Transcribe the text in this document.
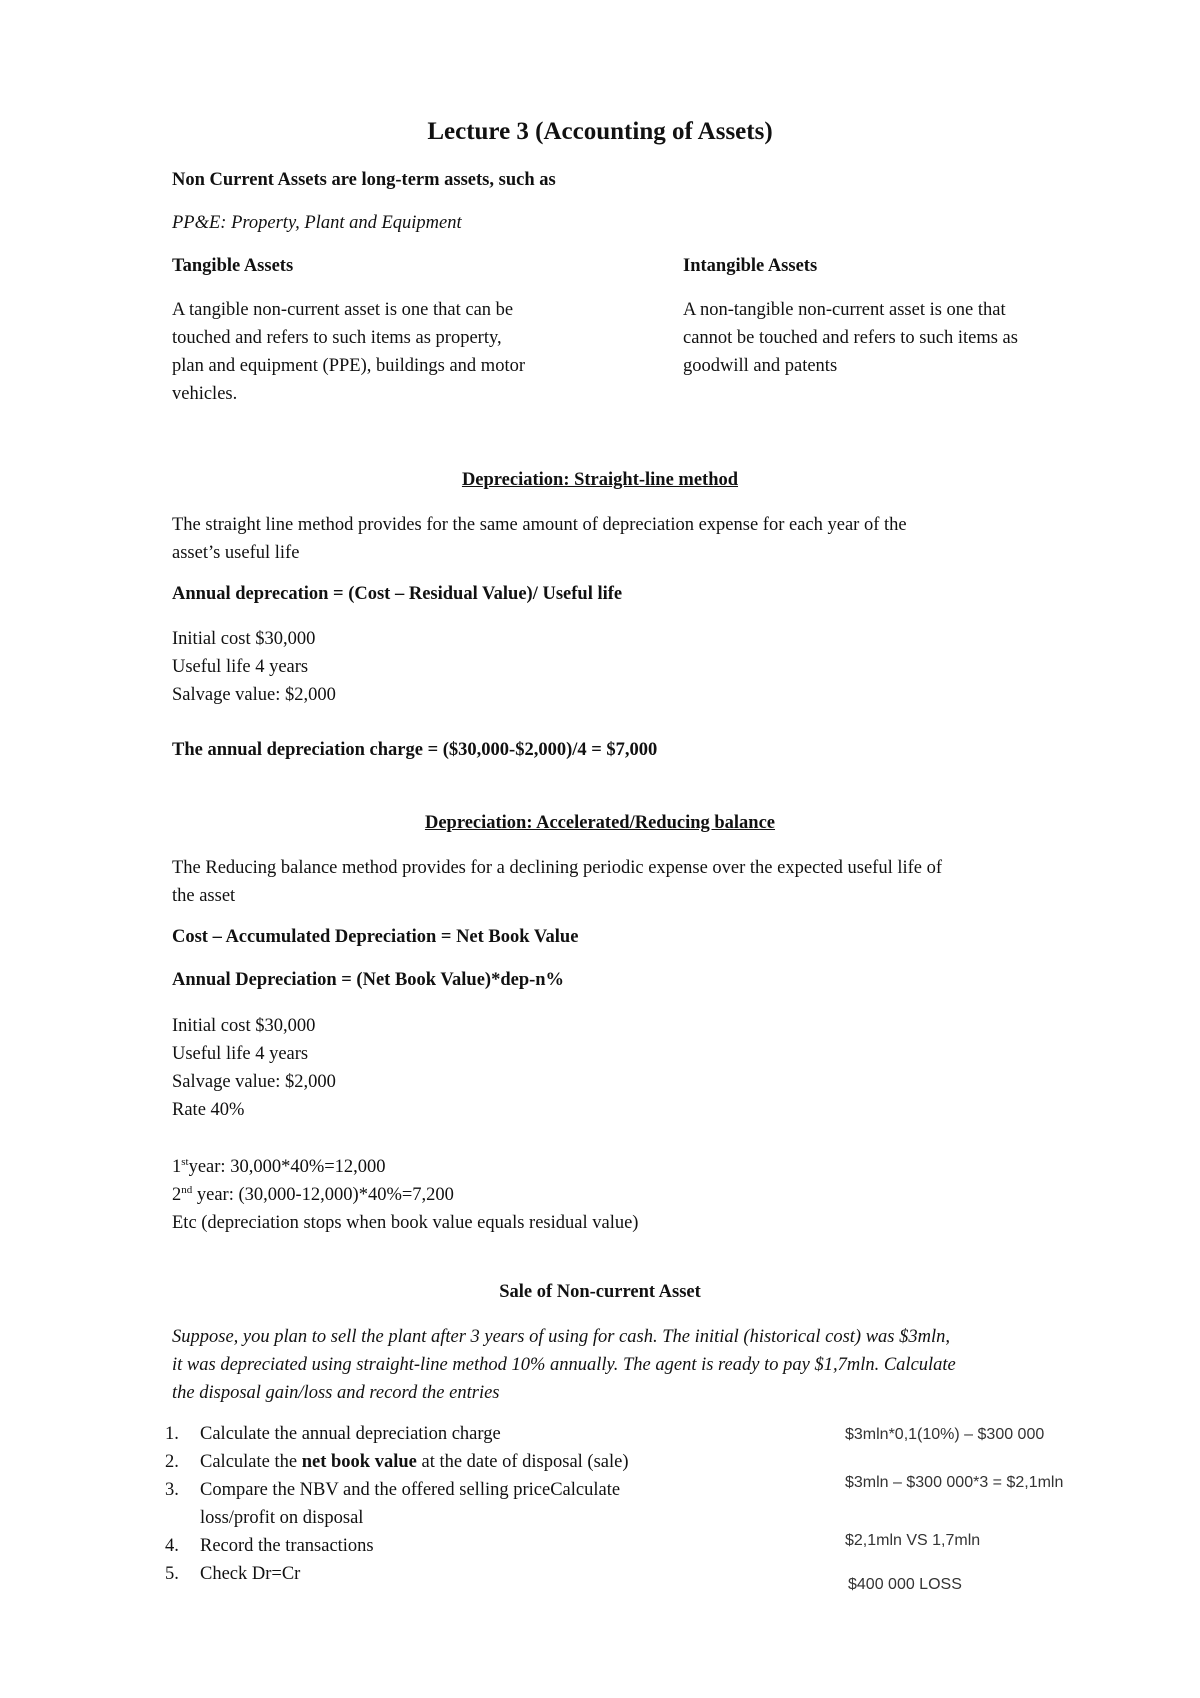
Lecture 3 (Accounting of Assets)
Non Current Assets are long-term assets, such as
PP&E: Property, Plant and Equipment
Tangible Assets
A tangible non-current asset is one that can be
touched and refers to such items as property,
plan and equipment (PPE), buildings and motor
vehicles.
Intangible Assets
A non-tangible non-current asset is one that
cannot be touched and refers to such items as
goodwill and patents
Depreciation: Straight-line method
The straight line method provides for the same amount of depreciation expense for each year of the
asset’s useful life
Annual deprecation = (Cost – Residual Value)/ Useful life
Initial cost $30,000
Useful life 4 years
Salvage value: $2,000
The annual depreciation charge = ($30,000-$2,000)/4 = $7,000
Depreciation: Accelerated/Reducing balance
The Reducing balance method provides for a declining periodic expense over the expected useful life of
the asset
Cost – Accumulated Depreciation = Net Book Value
Annual Depreciation = (Net Book Value)*dep-n%
Initial cost $30,000
Useful life 4 years
Salvage value: $2,000
Rate 40%
1styear: 30,000*40%=12,000
2nd year: (30,000-12,000)*40%=7,200
Etc (depreciation stops when book value equals residual value)
Sale of Non-current Asset
Suppose, you plan to sell the plant after 3 years of using for cash. The initial (historical cost) was $3mln,
it was depreciated using straight-line method 10% annually. The agent is ready to pay $1,7mln. Calculate
the disposal gain/loss and record the entries
1. Calculate the annual depreciation charge
2. Calculate the net book value at the date of disposal (sale)
3. Compare the NBV and the offered selling priceCalculate
loss/profit on disposal
4. Record the transactions
5. Check Dr=Cr
$3mln*0,1(10%) – $300 000
$3mln – $300 000*3 = $2,1mln
$2,1mln VS 1,7mln
$400 000 LOSS
